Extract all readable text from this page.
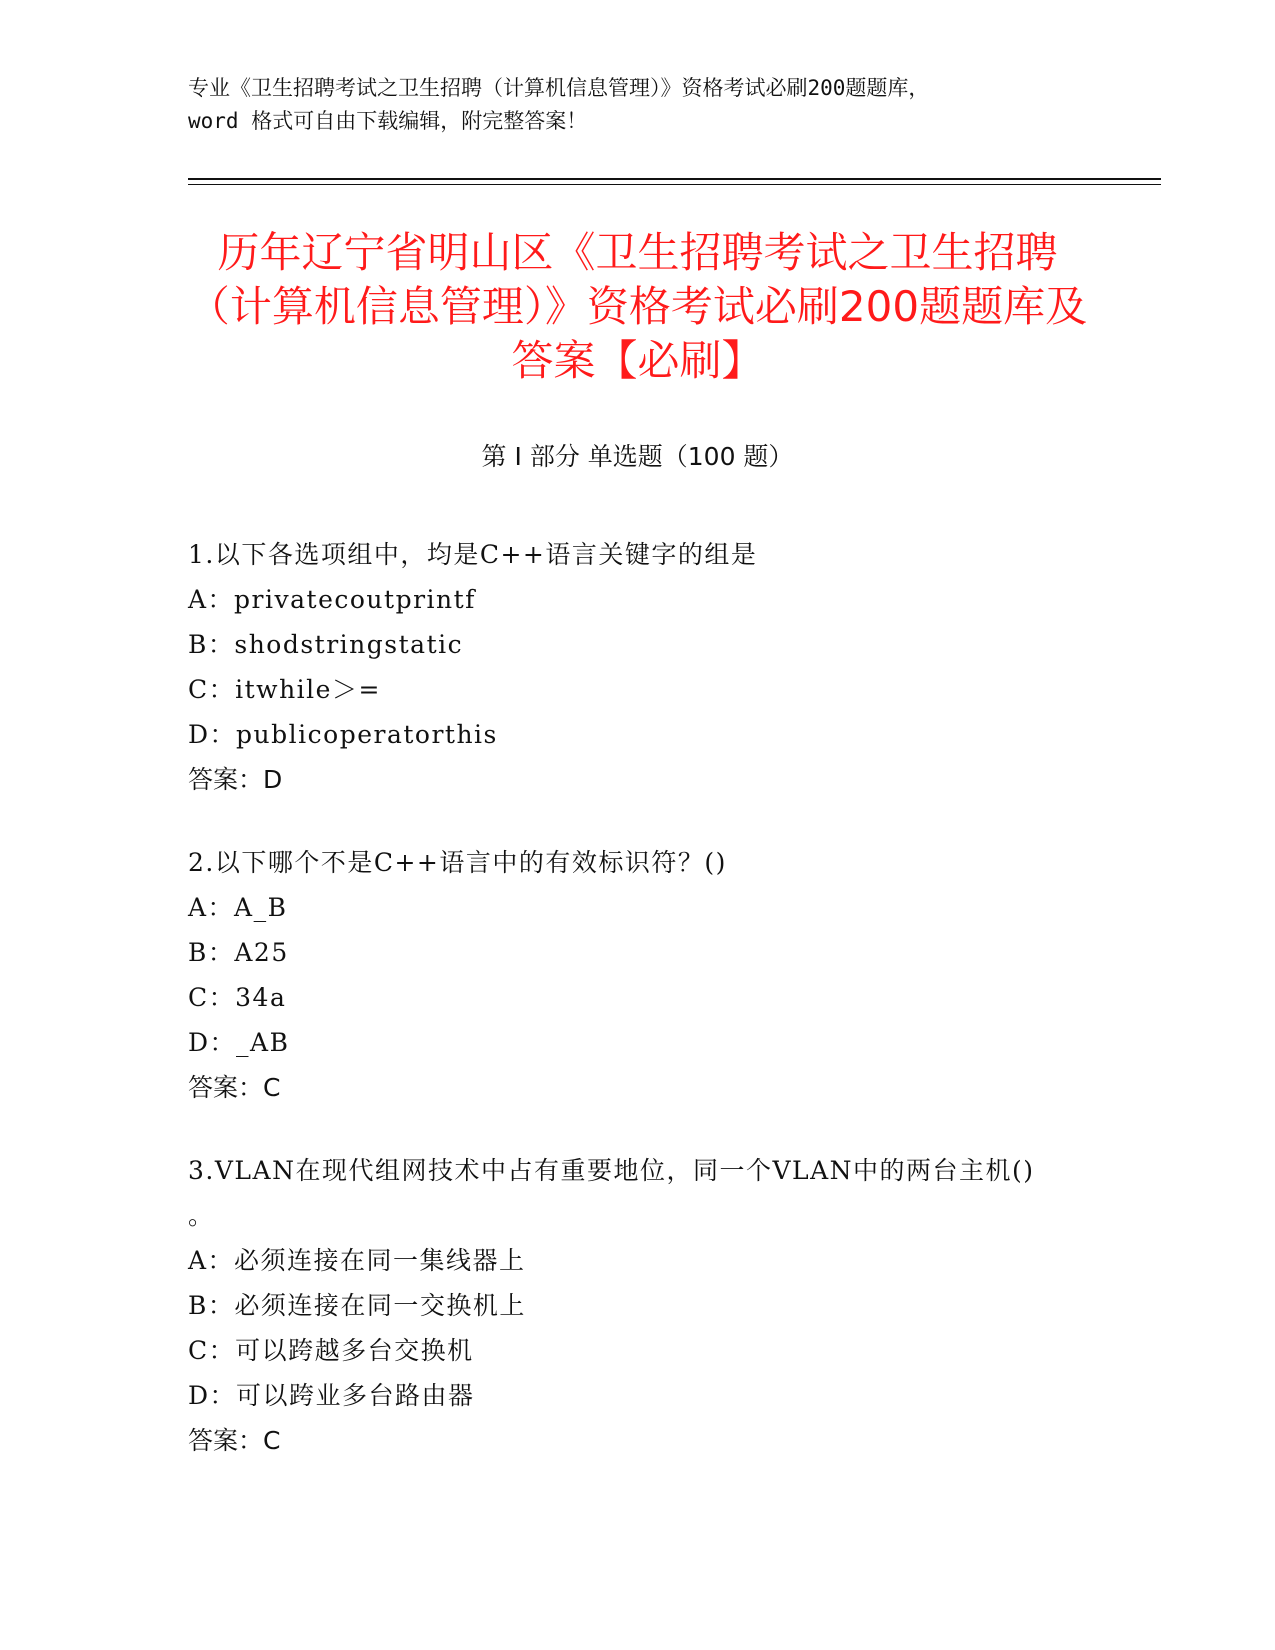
专业《卫生招聘考试之卫生招聘（计算机信息管理）》资格考试必刷200题题库，
word 格式可自由下载编辑，附完整答案！
历年辽宁省明山区《卫生招聘考试之卫生招聘（计算机信息管理）》资格考试必刷200题题库及答案【必刷】
第 I 部分 单选题（100 题）
1.以下各选项组中，均是C++语言关键字的组是
A：privatecoutprintf
B：shodstringstatic
C：itwhile＞=
D：publicoperatorthis
答案：D
2.以下哪个不是C++语言中的有效标识符？()
A：A_B
B：A25
C：34a
D：_AB
答案：C
3.VLAN在现代组网技术中占有重要地位，同一个VLAN中的两台主机()
。
A：必须连接在同一集线器上
B：必须连接在同一交换机上
C：可以跨越多台交换机
D：可以跨业多台路由器
答案：C
